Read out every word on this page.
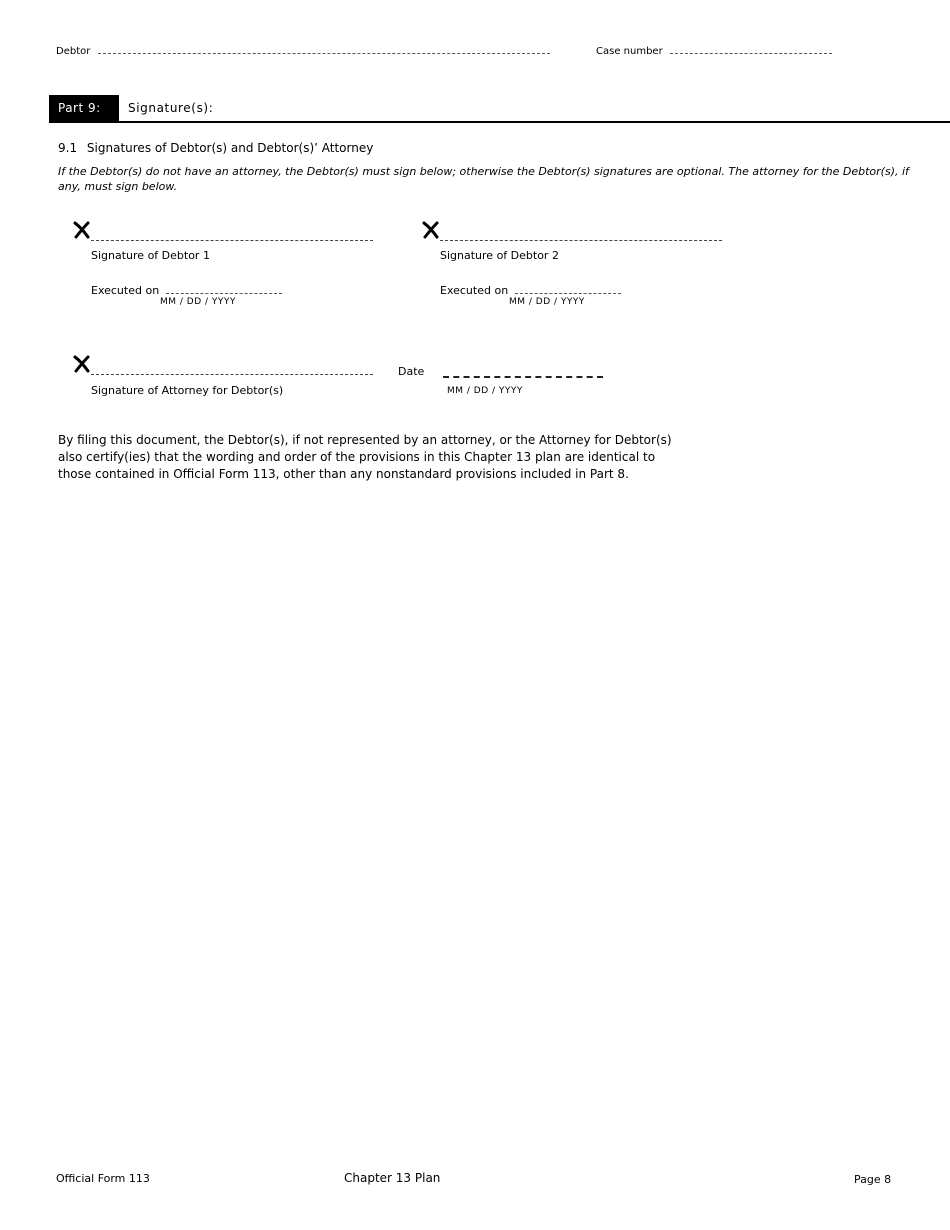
Debtor	Case number
Part 9:	Signature(s):
9.1 Signatures of Debtor(s) and Debtor(s)’ Attorney
If the Debtor(s) do not have an attorney, the Debtor(s) must sign below; otherwise the Debtor(s) signatures are optional. The attorney for the Debtor(s), if any, must sign below.
Signature of Debtor 1
Executed on
MM / DD / YYYY
Signature of Debtor 2
Executed on
MM / DD / YYYY
Signature of Attorney for Debtor(s)
Date
MM / DD / YYYY
By filing this document, the Debtor(s), if not represented by an attorney, or the Attorney for Debtor(s)
also certify(ies) that the wording and order of the provisions in this Chapter 13 plan are identical to
those contained in Official Form 113, other than any nonstandard provisions included in Part 8.
Official Form 113	Chapter 13 Plan	Page 8
